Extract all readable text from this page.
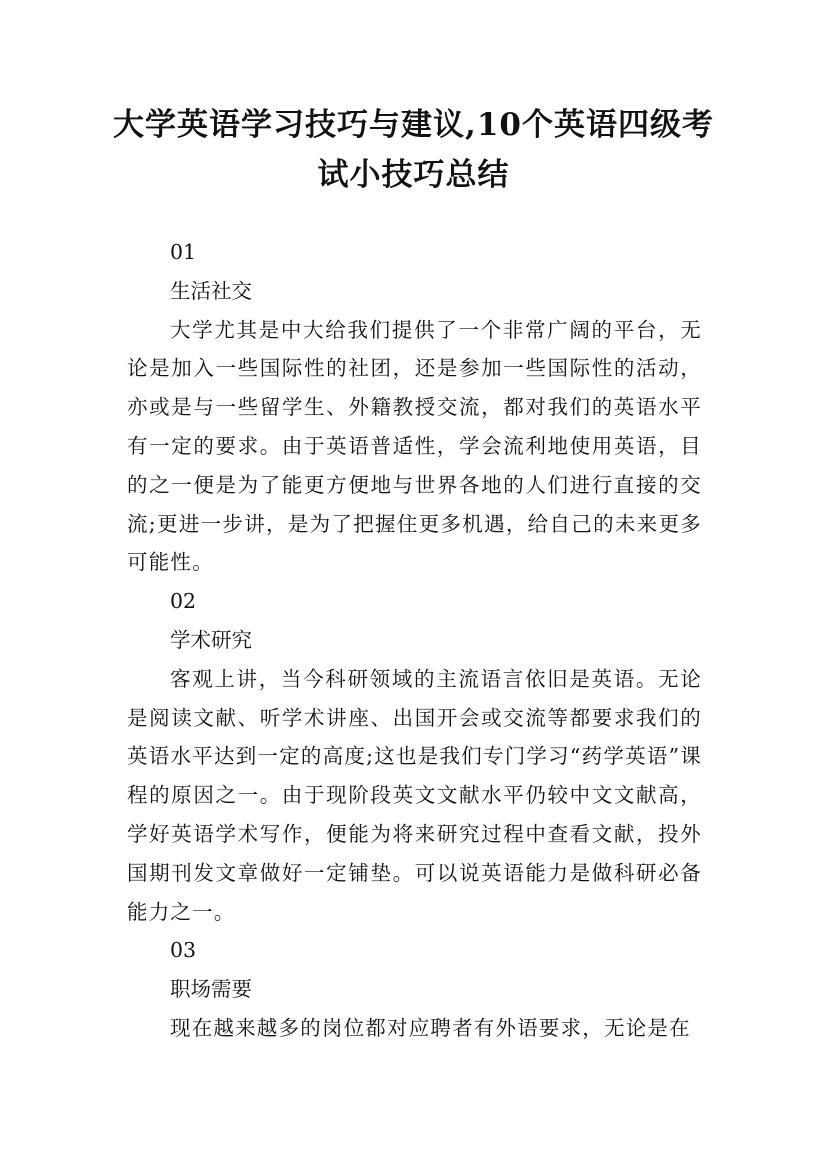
大学英语学习技巧与建议,10个英语四级考
试小技巧总结

01

生活社交

大学尤其是中大给我们提供了一个非常广阔的平台，无论是加入一些国际性的社团，还是参加一些国际性的活动，亦或是与一些留学生、外籍教授交流，都对我们的英语水平有一定的要求。由于英语普适性，学会流利地使用英语，目的之一便是为了能更方便地与世界各地的人们进行直接的交流;更进一步讲，是为了把握住更多机遇，给自己的未来更多可能性。

02

学术研究

客观上讲，当今科研领域的主流语言依旧是英语。无论是阅读文献、听学术讲座、出国开会或交流等都要求我们的英语水平达到一定的高度;这也是我们专门学习“药学英语”课程的原因之一。由于现阶段英文文献水平仍较中文文献高，学好英语学术写作，便能为将来研究过程中查看文献，投外国期刊发文章做好一定铺垫。可以说英语能力是做科研必备能力之一。

03

职场需要

现在越来越多的岗位都对应聘者有外语要求，无论是在
